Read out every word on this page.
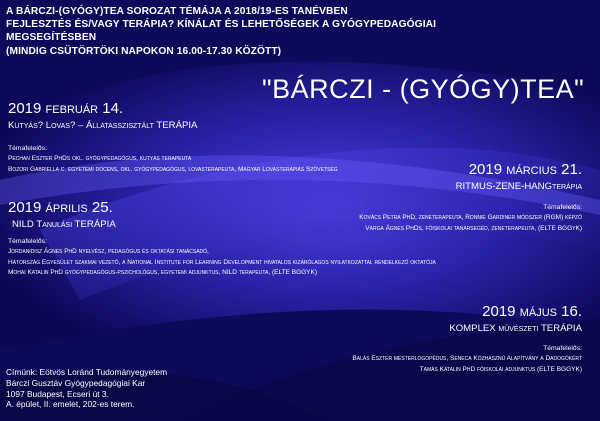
A BÁRCZI-(GYÓGY)TEA SOROZAT TÉMÁJA A 2018/19-ES TANÉVBEN
FEJLESZTÉS ÉS/VAGY TERÁPIA? KÍNÁLAT ÉS LEHETŐSÉGEK A GYÓGYPEDAGÓGIAI
MEGSEGÍTÉSBEN
(MINDIG CSÜTÖRTÖKI NAPOKON 16.00-17.30 KÖZÖTT)
"BÁRCZI - (GYÓGY)TEA"
2019 február 14.
Kutyás? Lovas? – Állatasszisztált TERÁPIA
Témafelelős:
Pechan Eszter PhDs okl. gyógypedagógus, kutyás terapeuta
Bozori Gabriella c. egyetemi docens, okl. gyógypedagógus, lovasterapeuta, Magyar Lovasterápiás Szövetség	2019 március 21.
RITMUS-ZENE-HANGterápia
Témafelelős:
Kovács Petra PhD, zeneterapeuta, Ronnie Gardiner módszer (RGM) képző
Varga Ágnes PhDs, főiskolai tanársegéd, zeneterapeuta, (ELTE BGGyK)
2019 április 25.
NILD Tanulási TERÁPIA
Témafelelős:
Jordanidisz Ágnes PhD nyelvész, pedagógus és oktatási tanácsadó,
Hátország Egyesület szakmai vezető, a National Institute for Learning Development hivatalos kizárólagos nyilatkozattal rendelkező oktatója
Mohai Katalin PhD gyógypedagógus-pszichológus, egyetemi adjunktus, NILD terapeuta, (ELTE BGGYK)
2019 május 16.
KOMPLEX művészeti TERÁPIA
Témafelelős:
Balás Eszter mesterlogopédus, Seneca Közhasznú Alapítvány a Dadogókért
Tamás Katalin PhD főiskolai adjunktus (ELTE BGGYK)
Címünk: Eötvös Loránd Tudományegyetem
Bárczi Gusztáv Gyógypedagógiai Kar
1097 Budapest, Ecseri út 3.
A. épület, II. emelet, 202-es terem.
